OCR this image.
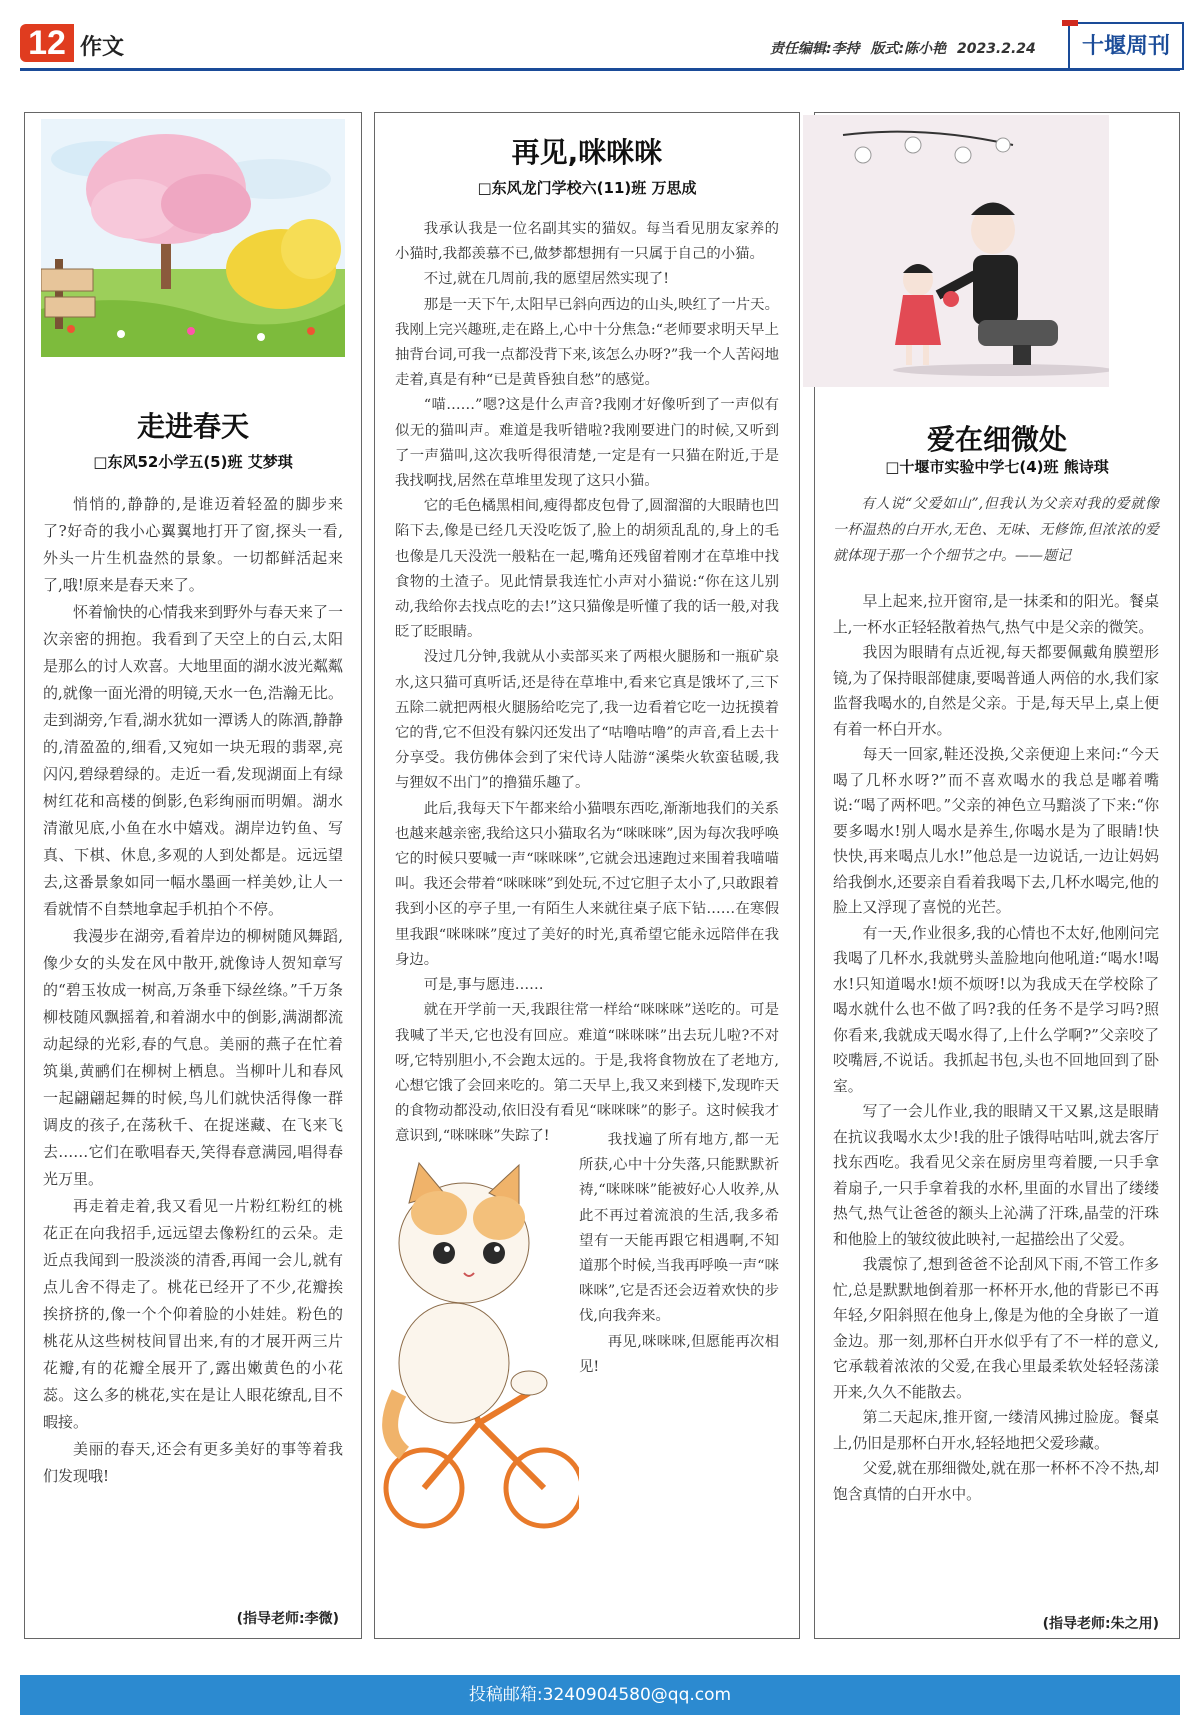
12 作文	责任编辑:李持 版式:陈小艳 2023.2.24	十堰周刊
走进春天
□东风52小学五(5)班 艾梦琪

悄悄的,静静的,是谁迈着轻盈的脚步来了?好奇的我小心翼翼地打开了窗,探头一看,外头一片生机盎然的景象。一切都鲜活起来了,哦!原来是春天来了。

怀着愉快的心情我来到野外与春天来了一次亲密的拥抱。我看到了天空上的白云,太阳是那么的讨人欢喜。大地里面的湖水波光粼粼的,就像一面光滑的明镜,天水一色,浩瀚无比。走到湖旁,乍看,湖水犹如一潭诱人的陈酒,静静的,清盈盈的,细看,又宛如一块无瑕的翡翠,亮闪闪,碧绿碧绿的。走近一看,发现湖面上有绿树红花和高楼的倒影,色彩绚丽而明媚。湖水清澈见底,小鱼在水中嬉戏。湖岸边钓鱼、写真、下棋、休息,多观的人到处都是。远远望去,这番景象如同一幅水墨画一样美妙,让人一看就情不自禁地拿起手机拍个不停。

我漫步在湖旁,看着岸边的柳树随风舞蹈,像少女的头发在风中散开,就像诗人贺知章写的“碧玉妆成一树高,万条垂下绿丝绦。”千万条柳枝随风飘摇着,和着湖水中的倒影,满湖都流动起绿的光彩,春的气息。美丽的燕子在忙着筑巢,黄鹂们在柳树上栖息。当柳叶儿和春风一起翩翩起舞的时候,鸟儿们就快活得像一群调皮的孩子,在荡秋千、在捉迷藏、在飞来飞去……它们在歌唱春天,笑得春意满园,唱得春光万里。

再走着走着,我又看见一片粉红粉红的桃花正在向我招手,远远望去像粉红的云朵。走近点我闻到一股淡淡的清香,再闻一会儿,就有点儿舍不得走了。桃花已经开了不少,花瓣挨挨挤挤的,像一个个仰着脸的小娃娃。粉色的桃花从这些树枝间冒出来,有的才展开两三片花瓣,有的花瓣全展开了,露出嫩黄色的小花蕊。这么多的桃花,实在是让人眼花缭乱,目不暇接。

美丽的春天,还会有更多美好的事等着我们发现哦!

(指导老师:李微)
再见,咪咪咪
□东风龙门学校六(11)班 万思成

我承认我是一位名副其实的猫奴。每当看见朋友家养的小猫时,我都羡慕不已,做梦都想拥有一只属于自己的小猫。

不过,就在几周前,我的愿望居然实现了!

那是一天下午,太阳早已斜向西边的山头,映红了一片天。我刚上完兴趣班,走在路上,心中十分焦急:“老师要求明天早上抽背台词,可我一点都没背下来,该怎么办呀?”我一个人苦闷地走着,真是有种“已是黄昏独自愁”的感觉。

“喵……”嗯?这是什么声音?我刚才好像听到了一声似有似无的猫叫声。难道是我听错啦?我刚要进门的时候,又听到了一声猫叫,这次我听得很清楚,一定是有一只猫在附近,于是我找啊找,居然在草堆里发现了这只小猫。

它的毛色橘黑相间,瘦得都皮包骨了,圆溜溜的大眼睛也凹陷下去,像是已经几天没吃饭了,脸上的胡须乱乱的,身上的毛也像是几天没洗一般粘在一起,嘴角还残留着刚才在草堆中找食物的土渣子。见此情景我连忙小声对小猫说:“你在这儿别动,我给你去找点吃的去!”这只猫像是听懂了我的话一般,对我眨了眨眼睛。

没过几分钟,我就从小卖部买来了两根火腿肠和一瓶矿泉水,这只猫可真听话,还是待在草堆中,看来它真是饿坏了,三下五除二就把两根火腿肠给吃完了,我一边看着它吃一边抚摸着它的背,它不但没有躲闪还发出了“咕噜咕噜”的声音,看上去十分享受。我仿佛体会到了宋代诗人陆游“溪柴火软蛮毡暖,我与狸奴不出门”的撸猫乐趣了。

此后,我每天下午都来给小猫喂东西吃,渐渐地我们的关系也越来越亲密,我给这只小猫取名为“咪咪咪”,因为每次我呼唤它的时候只要喊一声“咪咪咪”,它就会迅速跑过来围着我喵喵叫。我还会带着“咪咪咪”到处玩,不过它胆子太小了,只敢跟着我到小区的亭子里,一有陌生人来就往桌子底下钻……在寒假里我跟“咪咪咪”度过了美好的时光,真希望它能永远陪伴在我身边。

可是,事与愿违……

就在开学前一天,我跟往常一样给“咪咪咪”送吃的。可是我喊了半天,它也没有回应。难道“咪咪咪”出去玩儿啦?不对呀,它特别胆小,不会跑太远的。于是,我将食物放在了老地方,心想它饿了会回来吃的。第二天早上,我又来到楼下,发现昨天的食物动都没动,依旧没有看见“咪咪咪”的影子。这时候我才意识到,“咪咪咪”失踪了!	我找遍了所有地方,都一无所获,心中十分失落,只能默默祈祷,“咪咪咪”能被好心人收养,从此不再过着流浪的生活,我多希望有一天能再跟它相遇啊,不知道那个时候,当我再呼唤一声“咪咪咪”,它是否还会迈着欢快的步伐,向我奔来。

再见,咪咪咪,但愿能再次相见!

爱在细微处
□十堰市实验中学七(4)班 熊诗琪
有人说“父爱如山”,但我认为父亲对我的爱就像一杯温热的白开水,无色、无味、无修饰,但浓浓的爱就体现于那一个个细节之中。——题记

早上起来,拉开窗帘,是一抹柔和的阳光。餐桌上,一杯水正轻轻散着热气,热气中是父亲的微笑。

我因为眼睛有点近视,每天都要佩戴角膜塑形镜,为了保持眼部健康,要喝普通人两倍的水,我们家监督我喝水的,自然是父亲。于是,每天早上,桌上便有着一杯白开水。

每天一回家,鞋还没换,父亲便迎上来问:“今天喝了几杯水呀?”而不喜欢喝水的我总是嘟着嘴说:“喝了两杯吧。”父亲的神色立马黯淡了下来:“你要多喝水!别人喝水是养生,你喝水是为了眼睛!快快快,再来喝点儿水!”他总是一边说话,一边让妈妈给我倒水,还要亲自看着我喝下去,几杯水喝完,他的脸上又浮现了喜悦的光芒。

有一天,作业很多,我的心情也不太好,他刚问完我喝了几杯水,我就劈头盖脸地向他吼道:“喝水!喝水!只知道喝水!烦不烦呀!以为我成天在学校除了喝水就什么也不做了吗?我的任务不是学习吗?照你看来,我就成天喝水得了,上什么学啊?”父亲咬了咬嘴唇,不说话。我抓起书包,头也不回地回到了卧室。

写了一会儿作业,我的眼睛又干又累,这是眼睛在抗议我喝水太少!我的肚子饿得咕咕叫,就去客厅找东西吃。我看见父亲在厨房里弯着腰,一只手拿着扇子,一只手拿着我的水杯,里面的水冒出了缕缕热气,热气让爸爸的额头上沁满了汗珠,晶莹的汗珠和他脸上的皱纹彼此映衬,一起描绘出了父爱。

我震惊了,想到爸爸不论刮风下雨,不管工作多忙,总是默默地倒着那一杯杯开水,他的背影已不再年轻,夕阳斜照在他身上,像是为他的全身嵌了一道金边。那一刻,那杯白开水似乎有了不一样的意义,它承载着浓浓的父爱,在我心里最柔软处轻轻荡漾开来,久久不能散去。

第二天起床,推开窗,一缕清风拂过脸庞。餐桌上,仍旧是那杯白开水,轻轻地把父爱珍藏。

父爱,就在那细微处,就在那一杯杯不冷不热,却饱含真情的白开水中。

(指导老师:朱之用)
投稿邮箱:3240904580@qq.com
